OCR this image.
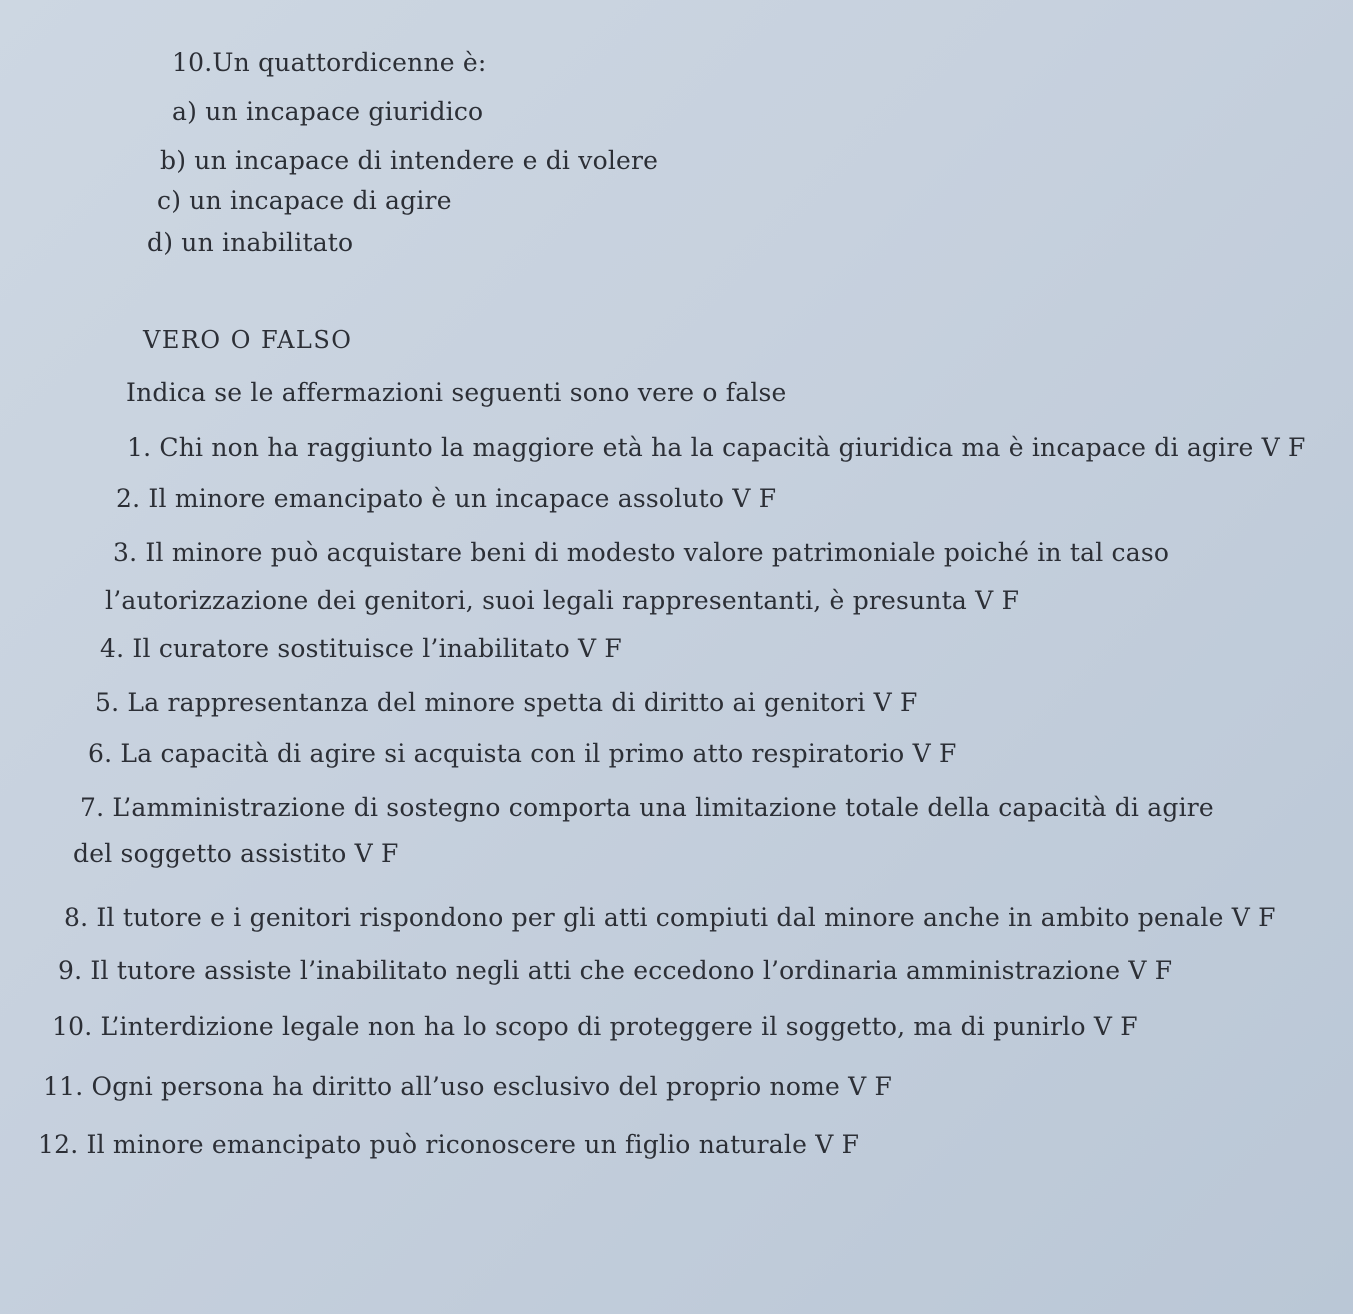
10.Un quattordicenne è:
a) un incapace giuridico
b) un incapace di intendere e di volere
c) un incapace di agire
d) un inabilitato
VERO O FALSO
Indica se le affermazioni seguenti sono vere o false
1. Chi non ha raggiunto la maggiore età ha la capacità giuridica ma è incapace di agire V F
2. Il minore emancipato è un incapace assoluto V F
3. Il minore può acquistare beni di modesto valore patrimoniale poiché in tal caso
l’autorizzazione dei genitori, suoi legali rappresentanti, è presunta V F
4. Il curatore sostituisce l’inabilitato V F
5. La rappresentanza del minore spetta di diritto ai genitori V F
6. La capacità di agire si acquista con il primo atto respiratorio V F
7. L’amministrazione di sostegno comporta una limitazione totale della capacità di agire
del soggetto assistito V F
8. Il tutore e i genitori rispondono per gli atti compiuti dal minore anche in ambito penale V F
9. Il tutore assiste l’inabilitato negli atti che eccedono l’ordinaria amministrazione V F
10. L’interdizione legale non ha lo scopo di proteggere il soggetto, ma di punirlo V F
11. Ogni persona ha diritto all’uso esclusivo del proprio nome V F
12. Il minore emancipato può riconoscere un figlio naturale V F
